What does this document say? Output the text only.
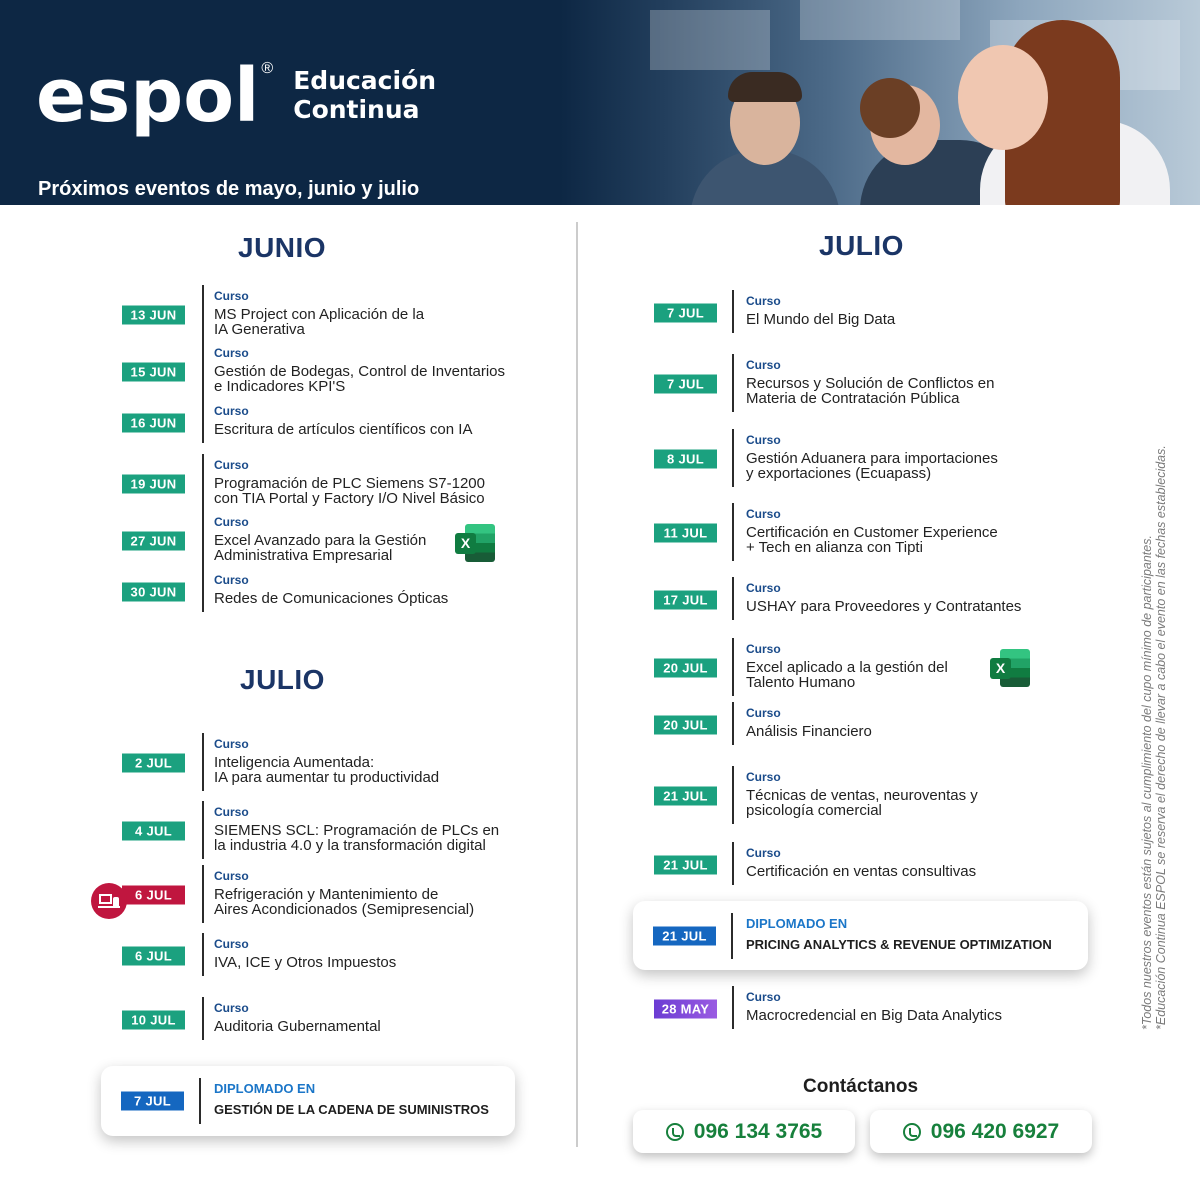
espol ® Educación
Continua
Próximos eventos de mayo, junio y julio
JUNIO
JULIO
JULIO
13 JUN
Curso
MS Project con Aplicación de la
IA Generativa
15 JUN
Curso
Gestión de Bodegas, Control de Inventarios
e Indicadores KPI'S
16 JUN
Curso
Escritura de artículos científicos con IA
19 JUN
Curso
Programación de PLC Siemens S7-1200
con TIA Portal y Factory I/O Nivel Básico
27 JUN
Curso
Excel Avanzado para la Gestión
Administrativa Empresarial
30 JUN
Curso
Redes de Comunicaciones Ópticas
2 JUL
Curso
Inteligencia Aumentada:
IA para aumentar tu productividad
4 JUL
Curso
SIEMENS SCL: Programación de PLCs en
la industria 4.0 y la transformación digital
6 JUL
Curso
Refrigeración y Mantenimiento de
Aires Acondicionados (Semipresencial)
6 JUL
Curso
IVA, ICE y Otros Impuestos
10 JUL
Curso
Auditoria Gubernamental
7 JUL
Curso
El Mundo del Big Data
7 JUL
Curso
Recursos y Solución de Conflictos en
Materia de Contratación Pública
8 JUL
Curso
Gestión Aduanera para importaciones
y exportaciones (Ecuapass)
11 JUL
Curso
Certificación en Customer Experience
+ Tech en alianza con Tipti
17 JUL
Curso
USHAY para Proveedores y Contratantes
20 JUL
Curso
Excel aplicado a la gestión del
Talento Humano
20 JUL
Curso
Análisis Financiero
21 JUL
Curso
Técnicas de ventas, neuroventas y
psicología comercial
21 JUL
Curso
Certificación en ventas consultivas
28 MAY
Curso
Macrocredencial en Big Data Analytics
7 JUL
DIPLOMADO EN
GESTIÓN DE LA CADENA DE SUMINISTROS
21 JUL
DIPLOMADO EN
PRICING ANALYTICS & REVENUE OPTIMIZATION
Contáctanos
096 134 3765	096 420 6927
*Todos nuestros eventos están sujetos al cumplimiento del cupo mínimo de participantes. *Educación Continua ESPOL se reserva el derecho de llevar a cabo el evento en las fechas establecidas.
X
X
